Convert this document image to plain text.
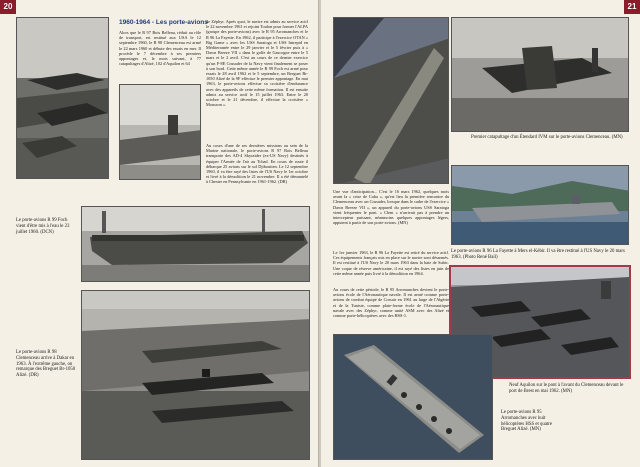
20
1960-1964 - Les porte-avions

Alors que le R 97 Bois Belleau, réduit au rôle de transport, est restitué aux USA le 12 septembre 1960, le R 98 Clemenceau est armé le 22 mars 1960 et débute des essais en mer. Il procède le 7 décembre à ses premiers appontages et, le mois suivant, à 77 catapultages d'Alizé, 102 d'Aquilon et 64

de Zéphyr. Après quoi, le navire est admis au service actif le 22 novembre 1961 et rejoint Toulon pour former l'ALPA (groupe des porte-avions) avec le R 95 Arromanches et le R 96 La Fayette. En 1962, il participe à l'exercice OTAN « Big Game » avec les USS Saratoga et USS Intrepid en Méditerranée entre le 29 janvier et le 5 février puis à « Dawn Breeze VII » dans le golfe de Gascogne entre le 5 mars et le 2 avril. C'est au cours de ce dernier exercice qu'un F-8E Crusader de la Navy vient finalement se poser à son bord. Cette même année le R 99 Foch est armé pour essais le 28 avril 1962 et le 5 septembre, un Breguet Br-1050 Alizé de la 9F effectue le premier appontage. En mai 1963, le porte-avions effectue sa croisière d'endurance avec des appareils de cette même formation. Il est ensuite admis au service actif le 15 juillet 1963. Entre le 20 octobre et le 21 décembre, il effectue la croisière « Mousson ».

Au cours d'une de ses dernières missions au sein de la Marine nationale, le porte-avions R 97 Bois Belleau transporte des AD-4 Skyraider (ex-US Navy) destinés à équiper l'Armée de l'air au Tchad. En cours de route il débarque 25 avions sur le sol Djiboutien. Le 12 septembre 1960, il va être rayé des listes de l'US Navy le 1er octobre et livré à la démolition le 21 novembre. Il a été démantelé à Chester en Pennsylvanie en 1961-1962. (DR)

Le porte-avions R 99 Foch vient d'être mis à l'eau le 23 juillet 1960. (DCN)

Le porte-avions R 98 Clemenceau arrive à Dakar en 1963. À l'extrême gauche, on remarque des Breguet Br-1050 Alizé. (DR)

21

Premier catapultage d'un Étendard IVM sur le porte-avions Clemenceau. (MN)

Une vue d'anticipation... C'est le 16 mars 1962, quelques mois avant la « crise de Cuba », qu'est lieu la première rencontre du Clemenceau avec un Crusader, lorsque dans le cadre de l'exercice « Dawn Breeze VII », un appareil du porte-avions USS Saratoga vient fréquenter le pont. « Clem » n'arrivait pas à prendre un intercepteur puissant, néanmoins quelques appontages légers, appuient à partir de son porte-avions. (MN)

Le 1er janvier 1963, le R 96 La Fayette est retiré du service actif. Ces équipements français mis en place sur le navire sont désarmés. Il est restitué à l'US Navy le 20 mars 1963 dans la baie de Subic. Une coque de réserve américaine, il est rayé des listes en juin de cette même année puis livré à la démolition en 1964.

Le porte-avions R 96 La Fayette à Mers el-Kébir. Il va être restitué à l'US Navy le 20 mars 1963. (Photo René Bail)

Au cours de cette période, le R 95 Arromanches devient le porte-avions école de l'Aéronautique navale. Il est armé comme porte-avions de combat équipé de Corsair en 1961 au large de l'Algérie et de la Tunisie, comme plate-forme école de l'Aéronautique navale avec des Zéphyr, comme unité ASM avec des Alizé et comme porte-hélicoptères avec des HSS-1.

Neuf Aquilon sur le pont à l'avant du Clemenceau devant le port de Brest en mai 1962. (MN)

Le porte-avions R 95 Arromanches avec huit hélicoptères HSS et quatre Breguet Alizé. (MN)
